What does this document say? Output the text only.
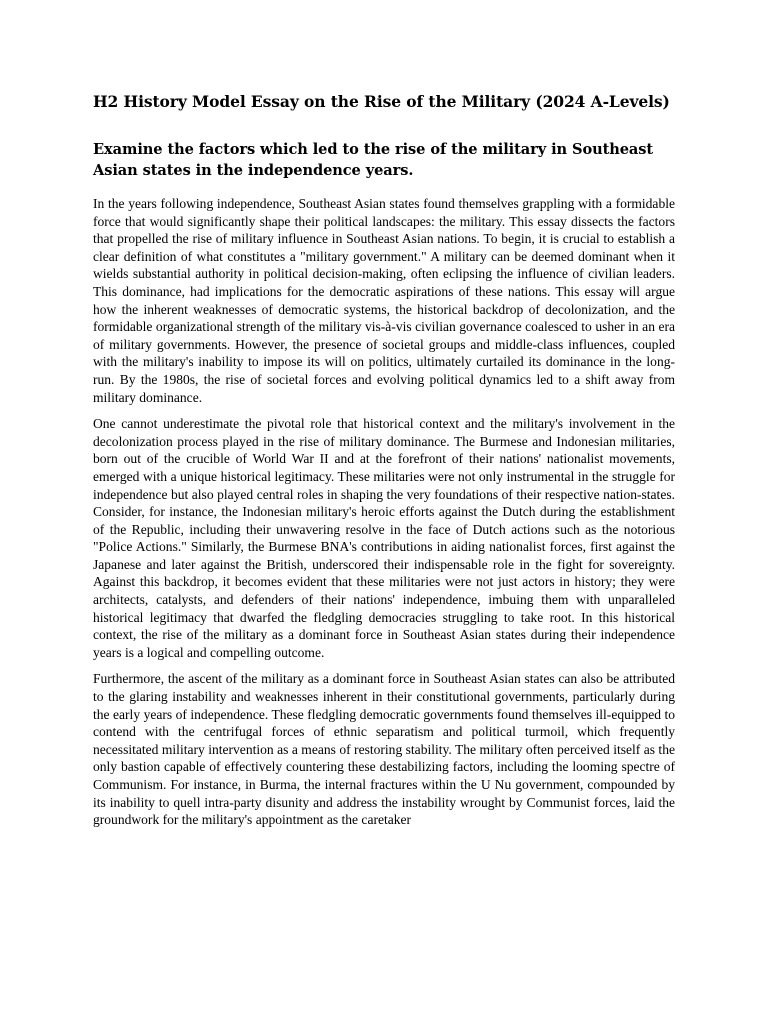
H2 History Model Essay on the Rise of the Military (2024 A-Levels)
Examine the factors which led to the rise of the military in Southeast Asian states in the independence years.

In the years following independence, Southeast Asian states found themselves grappling with a formidable force that would significantly shape their political landscapes: the military. This essay dissects the factors that propelled the rise of military influence in Southeast Asian nations. To begin, it is crucial to establish a clear definition of what constitutes a "military government." A military can be deemed dominant when it wields substantial authority in political decision-making, often eclipsing the influence of civilian leaders. This dominance, had implications for the democratic aspirations of these nations. This essay will argue how the inherent weaknesses of democratic systems, the historical backdrop of decolonization, and the formidable organizational strength of the military vis-à-vis civilian governance coalesced to usher in an era of military governments. However, the presence of societal groups and middle-class influences, coupled with the military's inability to impose its will on politics, ultimately curtailed its dominance in the long-run. By the 1980s, the rise of societal forces and evolving political dynamics led to a shift away from military dominance.

One cannot underestimate the pivotal role that historical context and the military's involvement in the decolonization process played in the rise of military dominance. The Burmese and Indonesian militaries, born out of the crucible of World War II and at the forefront of their nations' nationalist movements, emerged with a unique historical legitimacy. These militaries were not only instrumental in the struggle for independence but also played central roles in shaping the very foundations of their respective nation-states. Consider, for instance, the Indonesian military's heroic efforts against the Dutch during the establishment of the Republic, including their unwavering resolve in the face of Dutch actions such as the notorious "Police Actions." Similarly, the Burmese BNA's contributions in aiding nationalist forces, first against the Japanese and later against the British, underscored their indispensable role in the fight for sovereignty. Against this backdrop, it becomes evident that these militaries were not just actors in history; they were architects, catalysts, and defenders of their nations' independence, imbuing them with unparalleled historical legitimacy that dwarfed the fledgling democracies struggling to take root. In this historical context, the rise of the military as a dominant force in Southeast Asian states during their independence years is a logical and compelling outcome.

Furthermore, the ascent of the military as a dominant force in Southeast Asian states can also be attributed to the glaring instability and weaknesses inherent in their constitutional governments, particularly during the early years of independence. These fledgling democratic governments found themselves ill-equipped to contend with the centrifugal forces of ethnic separatism and political turmoil, which frequently necessitated military intervention as a means of restoring stability. The military often perceived itself as the only bastion capable of effectively countering these destabilizing factors, including the looming spectre of Communism. For instance, in Burma, the internal fractures within the U Nu government, compounded by its inability to quell intra-party disunity and address the instability wrought by Communist forces, laid the groundwork for the military's appointment as the caretaker
